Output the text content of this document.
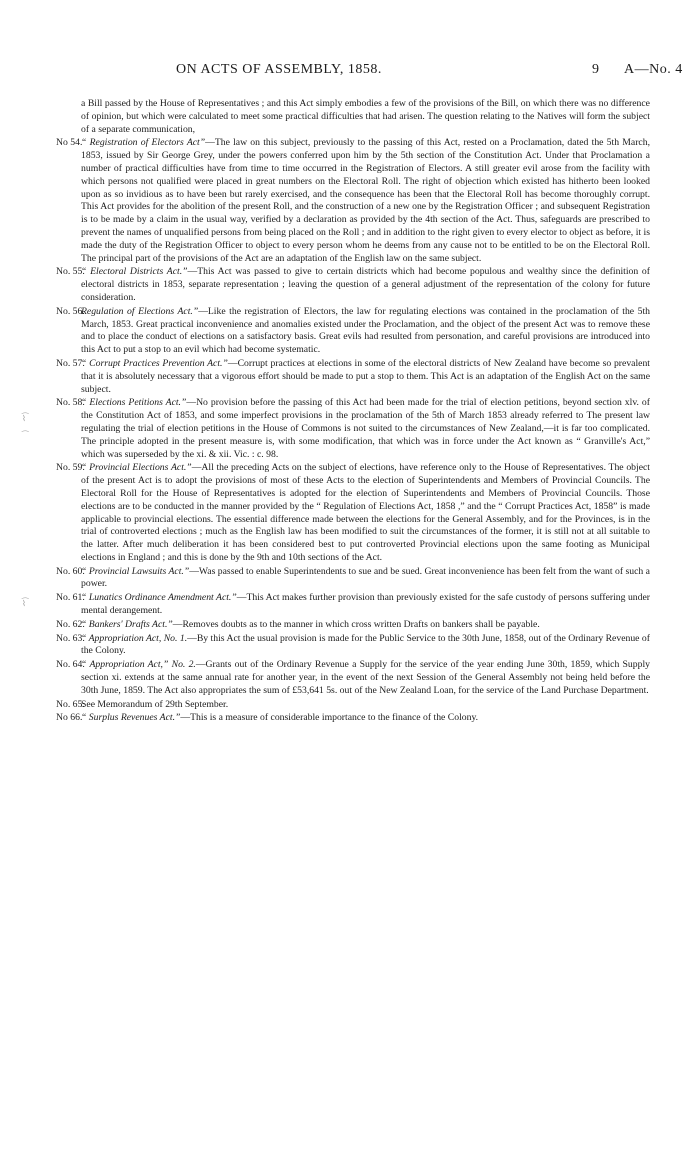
ON ACTS OF ASSEMBLY, 1858.	9 A—No. 4
⁔
⌇
⁔
⁔
⌇

a Bill passed by the House of Representatives ; and this Act simply embodies a few of the provisions of the Bill, on which there was no difference of opinion, but which were calculated to meet some practical difficulties that had arisen. The question relating to the Natives will form the subject of a separate communication,

No 54.
“ Registration of Electors Act”—The law on this subject, previously to the passing of this Act, rested on a Proclamation, dated the 5th March, 1853, issued by Sir George Grey, under the powers conferred upon him by the 5th section of the Constitution Act. Under that Proclamation a number of practical difficulties have from time to time occurred in the Registration of Electors. A still greater evil arose from the facility with which persons not qualified were placed in great numbers on the Electoral Roll. The right of objection which existed has hitherto been looked upon as so invidious as to have been but rarely exercised, and the consequence has been that the Electoral Roll has become thoroughly corrupt. This Act provides for the abolition of the present Roll, and the construction of a new one by the Registration Officer ; and subsequent Registration is to be made by a claim in the usual way, verified by a declaration as provided by the 4th section of the Act. Thus, safeguards are prescribed to prevent the names of unqualified persons from being placed on the Roll ; and in addition to the right given to every elector to object as before, it is made the duty of the Registration Officer to object to every person whom he deems from any cause not to be entitled to be on the Electoral Roll. The principal part of the provisions of the Act are an adaptation of the English law on the same subject.

No. 55.
“ Electoral Districts Act.”—This Act was passed to give to certain districts which had become populous and wealthy since the definition of electoral districts in 1853, separate representation ; leaving the question of a general adjustment of the representation of the colony for future consideration.

No. 56.
Regulation of Elections Act.”—Like the registration of Electors, the law for regulating elections was contained in the proclamation of the 5th March, 1853. Great practical inconvenience and anomalies existed under the Proclamation, and the object of the present Act was to remove these and to place the conduct of elections on a satisfactory basis. Great evils had resulted from personation, and careful provisions are introduced into this Act to put a stop to an evil which had become systematic.

No. 57.
“ Corrupt Practices Prevention Act.”—Corrupt practices at elections in some of the electoral districts of New Zealand have become so prevalent that it is absolutely necessary that a vigorous effort should be made to put a stop to them. This Act is an adaptation of the English Act on the same subject.

No. 58.
“ Elections Petitions Act.”—No provision before the passing of this Act had been made for the trial of election petitions, beyond section xlv. of the Constitution Act of 1853, and some imperfect provisions in the proclamation of the 5th of March 1853 already referred to The present law regulating the trial of election petitions in the House of Commons is not suited to the circumstances of New Zealand,—it is far too complicated. The principle adopted in the present measure is, with some modification, that which was in force under the Act known as “ Granville's Act,” which was superseded by the xi. & xii. Vic. : c. 98.

No. 59.
“ Provincial Elections Act.”—All the preceding Acts on the subject of elections, have reference only to the House of Representatives. The object of the present Act is to adopt the provisions of most of these Acts to the election of Superintendents and Members of Provincial Councils. The Electoral Roll for the House of Representatives is adopted for the election of Superintendents and Members of Provincial Councils. Those elections are to be conducted in the manner provided by the “ Regulation of Elections Act, 1858 ,” and the “ Corrupt Practices Act, 1858” is made applicable to provincial elections. The essential difference made between the elections for the General Assembly, and for the Provinces, is in the trial of controverted elections ; much as the English law has been modified to suit the circumstances of the former, it is still not at all suitable to the latter. After much deliberation it has been considered best to put controverted Provincial elections upon the same footing as Municipal elections in England ; and this is done by the 9th and 10th sections of the Act.

No. 60.
“ Provincial Lawsuits Act.”—Was passed to enable Superintendents to sue and be sued. Great inconvenience has been felt from the want of such a power.

No. 61.
“ Lunatics Ordinance Amendment Act.”—This Act makes further provision than previously existed for the safe custody of persons suffering under mental derangement.

No. 62.
“ Bankers' Drafts Act.”—Removes doubts as to the manner in which cross written Drafts on bankers shall be payable.

No. 63.
“ Appropriation Act, No. 1.—By this Act the usual provision is made for the Public Service to the 30th June, 1858, out of the Ordinary Revenue of the Colony.

No. 64.
“ Appropriation Act,” No. 2.—Grants out of the Ordinary Revenue a Supply for the service of the year ending June 30th, 1859, which Supply section xi. extends at the same annual rate for another year, in the event of the next Session of the General Assembly not being held before the 30th June, 1859. The Act also appropriates the sum of £53,641 5s. out of the New Zealand Loan, for the service of the Land Purchase Department.

No. 65.
See Memorandum of 29th September.

No 66.
“ Surplus Revenues Act.”—This is a measure of considerable importance to the finance of the Colony.
